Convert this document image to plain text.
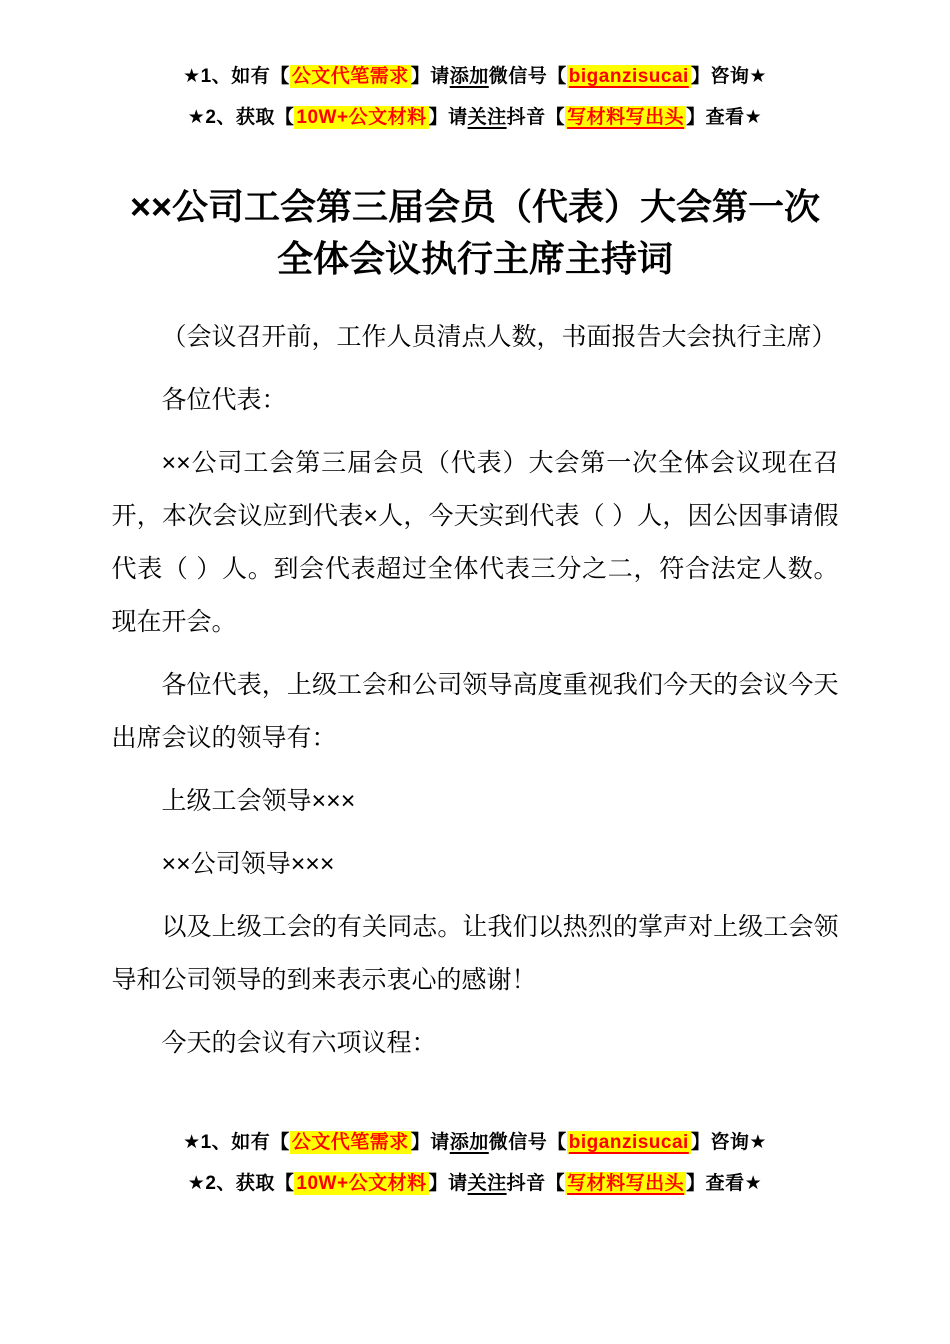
★1、如有【 公文代笔需求 】请添加微信号【 biganzisucai 】咨询★
★2、获取【 10W+公文材料 】请关注抖音【 写材料写出头 】查看★
××公司工会第三届会员（代表）大会第一次
全体会议执行主席主持词

（会议召开前，工作人员清点人数，书面报告大会执行主席）

各位代表：

××公司工会第三届会员（代表）大会第一次全体会议现在召开，本次会议应到代表×人，今天实到代表（ ）人，因公因事请假代表（ ）人。到会代表超过全体代表三分之二，符合法定人数。现在开会。

各位代表，上级工会和公司领导高度重视我们今天的会议今天出席会议的领导有：

上级工会领导×××

××公司领导×××

以及上级工会的有关同志。让我们以热烈的掌声对上级工会领导和公司领导的到来表示衷心的感谢！

今天的会议有六项议程：

★1、如有【 公文代笔需求 】请添加微信号【 biganzisucai 】咨询★
★2、获取【 10W+公文材料 】请关注抖音【 写材料写出头 】查看★
